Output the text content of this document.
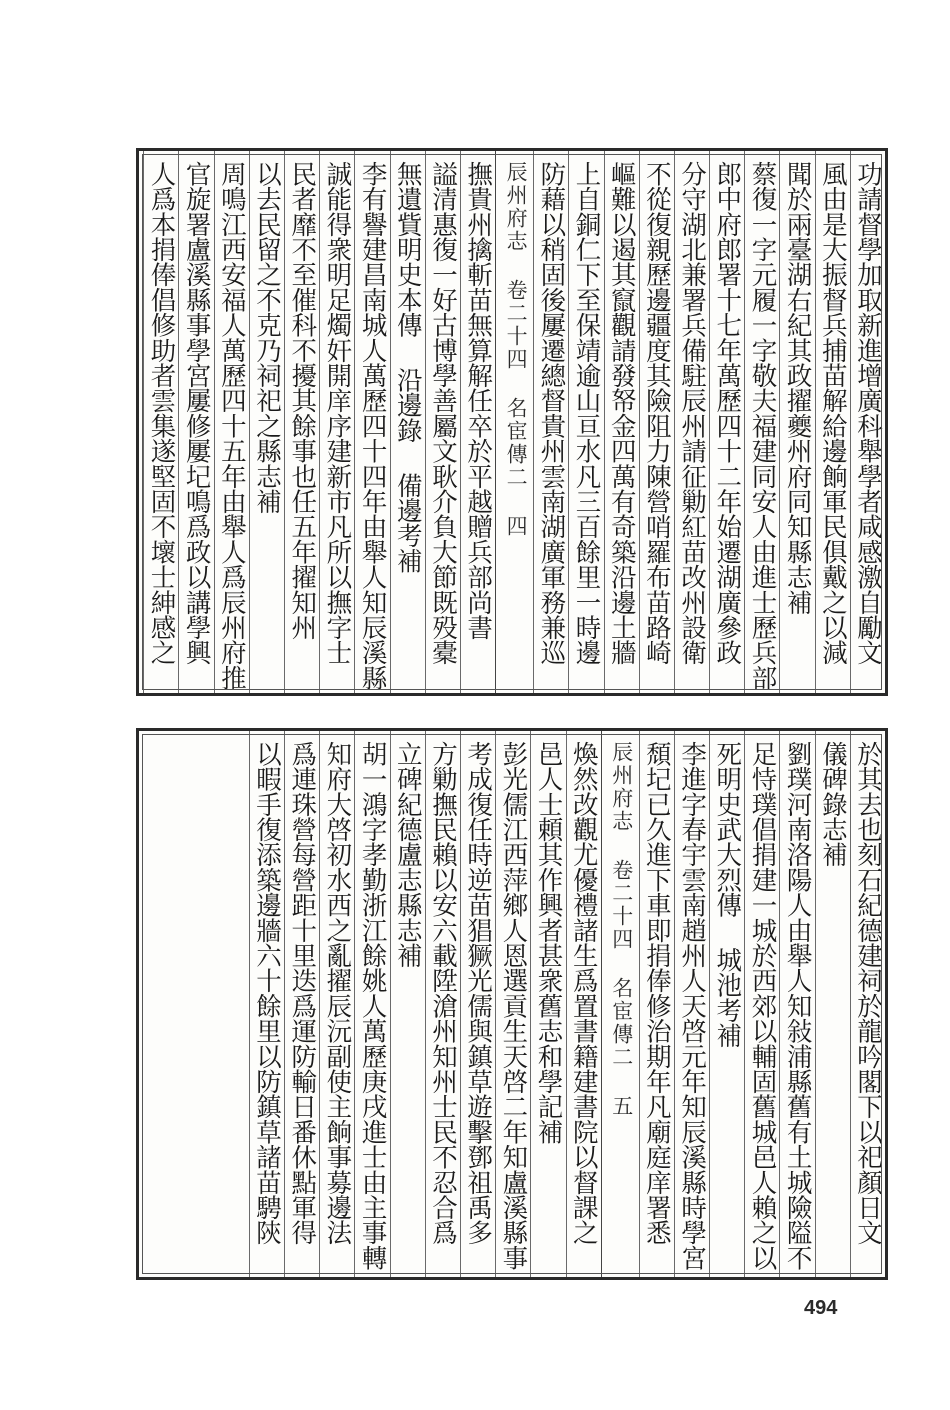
功請督學加取新進增廣科舉學者咸感激自勵文
風由是大振督兵捕苗解給邊餉軍民俱戴之以減
聞於兩臺湖右紀其政擢夔州府同知縣志補
蔡復一字元履一字敬夫福建同安人由進士歷兵部
郎中府郎署十七年萬歷四十二年始遷湖廣參政
分守湖北兼署兵備駐辰州請征勦紅苗改州設衛
不從復親歷邊疆度其險阻力陳營哨羅布苗路崎
嶇難以遏其竄觀請發帑金四萬有奇築沿邊土牆
上自銅仁下至保靖逾山亘水凡三百餘里一時邊
防藉以稍固後屢遷總督貴州雲南湖廣軍務兼巡
辰州府志 卷二十四 名宦傳二 四
撫貴州擒斬苗無算解任卒於平越贈兵部尚書
謚清惠復一好古博學善屬文耿介負大節既殁橐
無遺貲明史本傳 沿邊錄 備邊考補
李有譽建昌南城人萬歷四十四年由舉人知辰溪縣
誠能得衆明足燭奸開庠序建新市凡所以撫字士
民者靡不至催科不擾其餘事也任五年擢知州
以去民留之不克乃祠祀之縣志補
周鳴江西安福人萬歷四十五年由舉人爲辰州府推
官旋署盧溪縣事學宮屢修屢圮鳴爲政以講學興
人爲本捐俸倡修助者雲集遂堅固不壞士紳感之
於其去也刻石紀德建祠於龍吟閣下以祀顏日文
儀碑錄志補
劉璞河南洛陽人由舉人知敍浦縣舊有土城險隘不
足恃璞倡捐建一城於西郊以輔固舊城邑人賴之以
死明史武大烈傳 城池考補
李進字春宇雲南趙州人天啓元年知辰溪縣時學宮
頹圮已久進下車即捐俸修治期年凡廟庭庠署悉
辰州府志 卷二十四 名宦傳二 五
煥然改觀尤優禮諸生爲置書籍建書院以督課之
邑人士頼其作興者甚衆舊志和學記補
彭光儒江西萍鄉人恩選貢生天啓二年知盧溪縣事
考成復任時逆苗猖獗光儒與鎮草遊擊鄧祖禹多
方勦撫民賴以安六載陞滄州知州士民不忍合爲
立碑紀德盧志縣志補
胡一鴻字孝勤浙江餘姚人萬歷庚戌進士由主事轉
知府大啓初水西之亂擢辰沅副使主餉事募邊法
爲連珠營每營距十里迭爲運防輸日番休點軍得
以暇手復添築邊牆六十餘里以防鎮草諸苗騁陝
494
